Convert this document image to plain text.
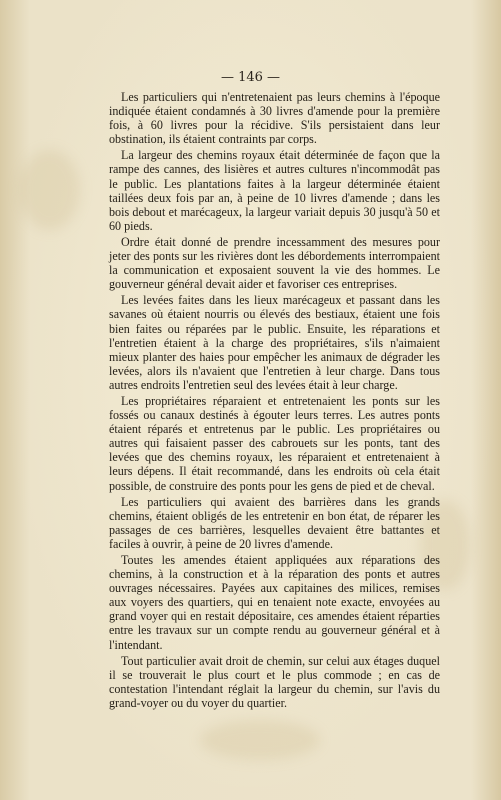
— 146 —

Les particuliers qui n'entretenaient pas leurs chemins à l'époque indiquée étaient condamnés à 30 livres d'amende pour la première fois, à 60 livres pour la récidive. S'ils persistaient dans leur obstination, ils étaient contraints par corps.

La largeur des chemins royaux était déterminée de façon que la rampe des cannes, des lisières et autres cultures n'incommodât pas le public. Les plantations faites à la largeur déterminée étaient taillées deux fois par an, à peine de 10 livres d'amende ; dans les bois debout et marécageux, la largeur variait depuis 30 jusqu'à 50 et 60 pieds.

Ordre était donné de prendre incessamment des mesures pour jeter des ponts sur les rivières dont les débordements interrompaient la communication et exposaient souvent la vie des hommes. Le gouverneur général devait aider et favoriser ces entreprises.

Les levées faites dans les lieux marécageux et passant dans les savanes où étaient nourris ou élevés des bestiaux, étaient une fois bien faites ou réparées par le public. Ensuite, les réparations et l'entretien étaient à la charge des propriétaires, s'ils n'aimaient mieux planter des haies pour empêcher les animaux de dégrader les levées, alors ils n'avaient que l'entretien à leur charge. Dans tous autres endroits l'entretien seul des levées était à leur charge.

Les propriétaires réparaient et entretenaient les ponts sur les fossés ou canaux destinés à égouter leurs terres. Les autres ponts étaient réparés et entretenus par le public. Les propriétaires ou autres qui faisaient passer des cabrouets sur les ponts, tant des levées que des chemins royaux, les réparaient et entretenaient à leurs dépens. Il était recommandé, dans les endroits où cela était possible, de construire des ponts pour les gens de pied et de cheval.

Les particuliers qui avaient des barrières dans les grands chemins, étaient obligés de les entretenir en bon état, de réparer les passages de ces barrières, lesquelles devaient être battantes et faciles à ouvrir, à peine de 20 livres d'amende.

Toutes les amendes étaient appliquées aux réparations des chemins, à la construction et à la réparation des ponts et autres ouvrages nécessaires. Payées aux capitaines des milices, remises aux voyers des quartiers, qui en tenaient note exacte, envoyées au grand voyer qui en restait dépositaire, ces amendes étaient réparties entre les travaux sur un compte rendu au gouverneur général et à l'intendant.

Tout particulier avait droit de chemin, sur celui aux étages duquel il se trouverait le plus court et le plus commode ; en cas de contestation l'intendant réglait la largeur du chemin, sur l'avis du grand-voyer ou du voyer du quartier.
